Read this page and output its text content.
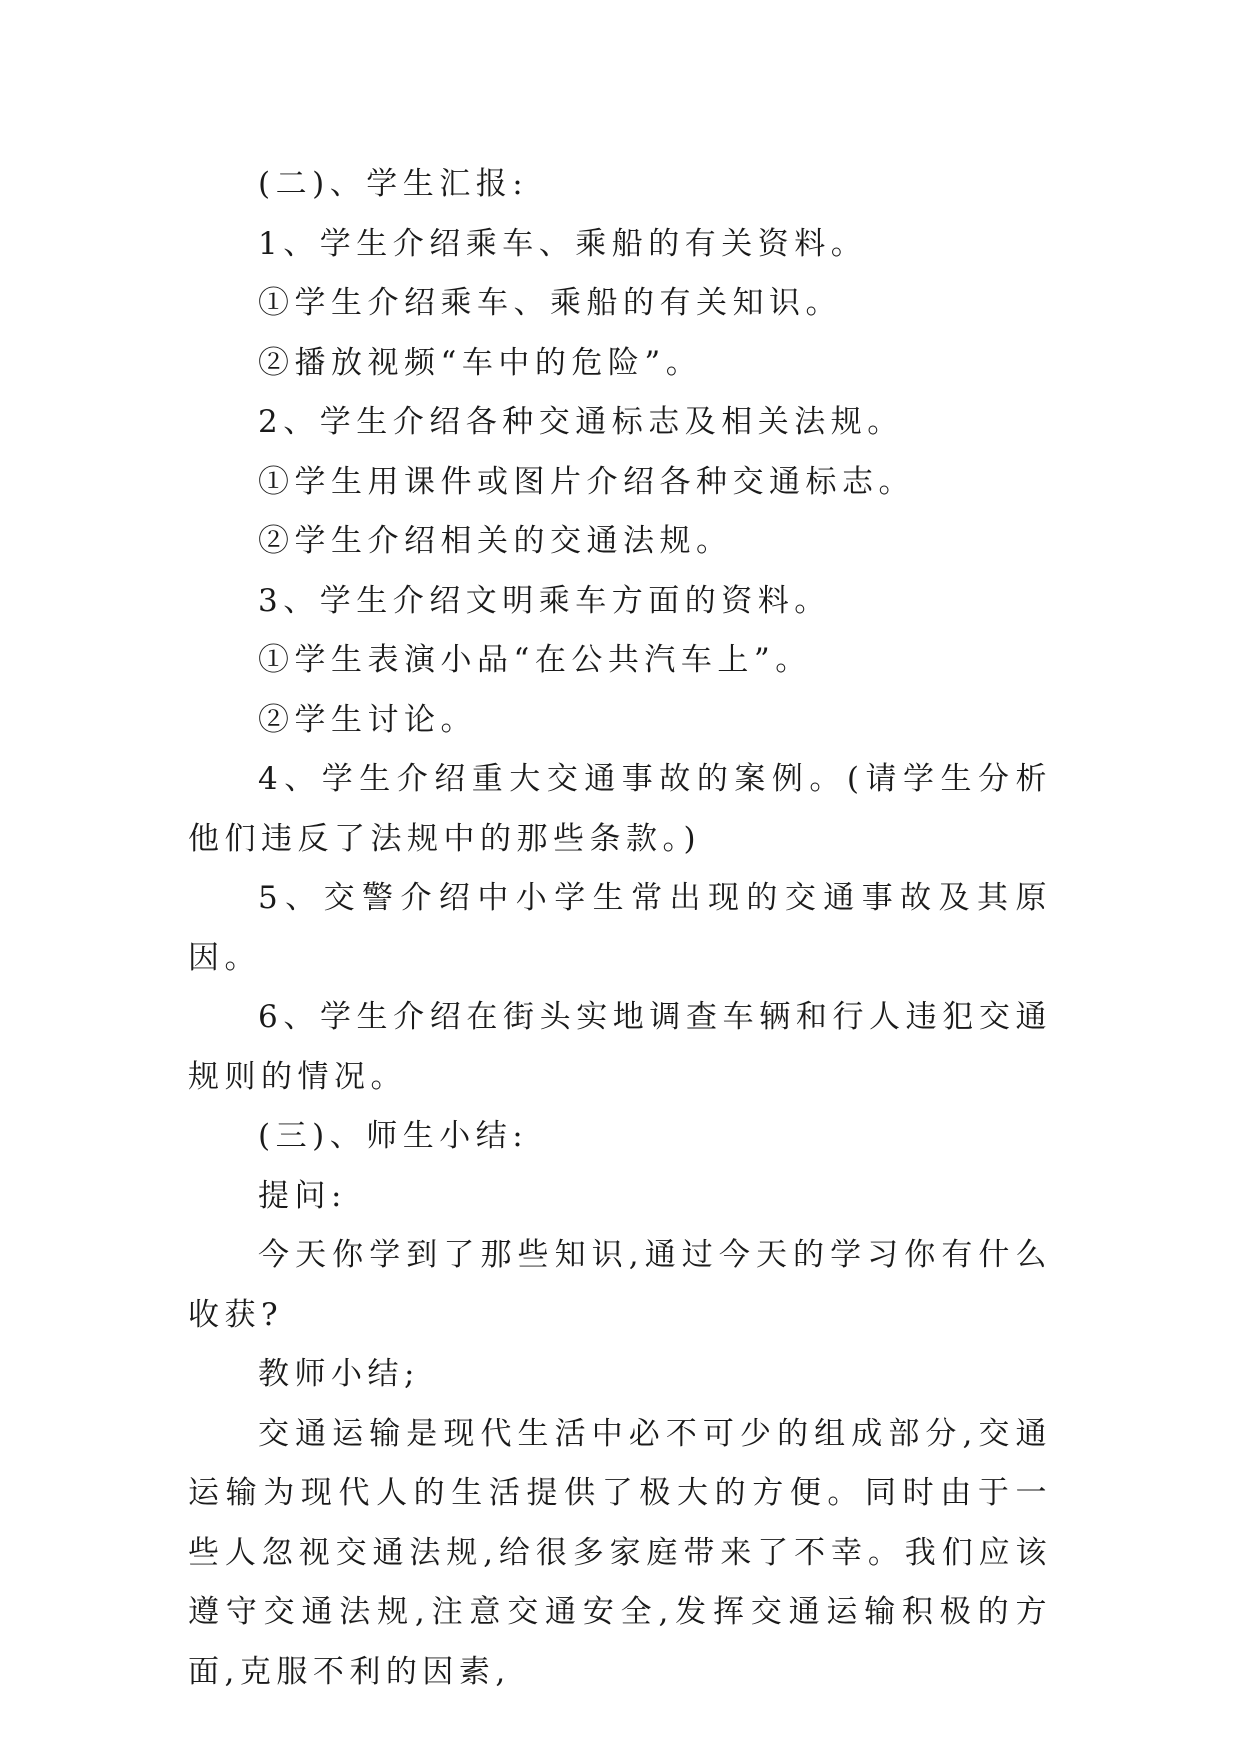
(二)、学生汇报:

1、学生介绍乘车、乘船的有关资料。

①学生介绍乘车、乘船的有关知识。

②播放视频“车中的危险”。

2、学生介绍各种交通标志及相关法规。

①学生用课件或图片介绍各种交通标志。

②学生介绍相关的交通法规。

3、学生介绍文明乘车方面的资料。

①学生表演小品“在公共汽车上”。

②学生讨论。

4、学生介绍重大交通事故的案例。(请学生分析他们违反了法规中的那些条款。)

5、交警介绍中小学生常出现的交通事故及其原因。

6、学生介绍在街头实地调查车辆和行人违犯交通规则的情况。

(三)、师生小结:

提问:

今天你学到了那些知识,通过今天的学习你有什么收获?

教师小结;

交通运输是现代生活中必不可少的组成部分,交通运输为现代人的生活提供了极大的方便。同时由于一些人忽视交通法规,给很多家庭带来了不幸。我们应该遵守交通法规,注意交通安全,发挥交通运输积极的方面,克服不利的因素,
